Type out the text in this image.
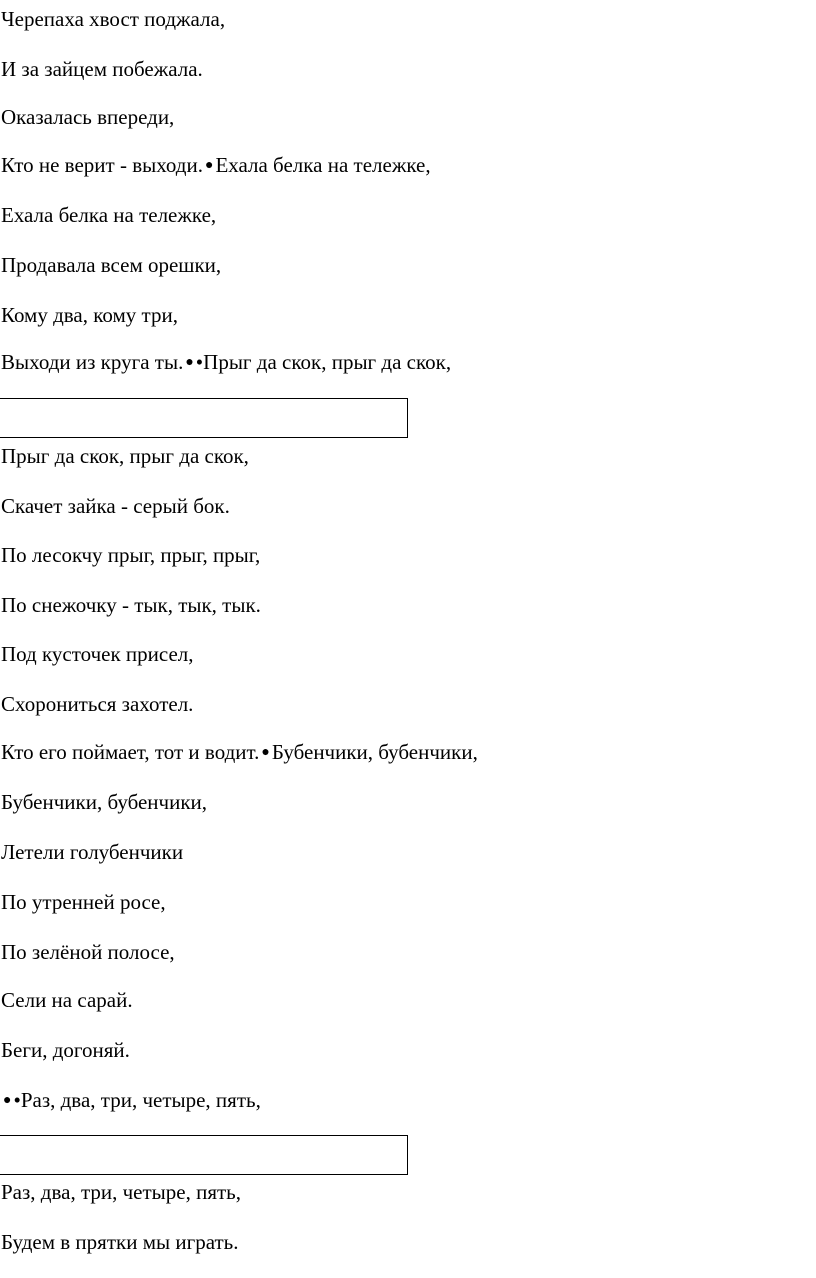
Черепаха хвост поджала,
И за зайцем побежала.
Оказалась впереди,
Кто не верит - выходи. ●Ехала белка на тележке,
Ехала белка на тележке,
Продавала всем орешки,
Кому два, кому три,
Выходи из круга ты. ●•Прыг да скок, прыг да скок,
Прыг да скок, прыг да скок,
Скачет зайка - серый бок.
По лесокчу прыг, прыг, прыг,
По снежочку - тык, тык, тык.
Под кусточек присел,
Схорониться захотел.
Кто его поймает, тот и водит. ●Бубенчики, бубенчики,
Бубенчики, бубенчики,
Летели голубенчики
По утренней росе,
По зелёной полосе,
Сели на сарай.
Беги, догоняй.
●•Раз, два, три, четыре, пять,
Раз, два, три, четыре, пять,
Будем в прятки мы играть.
